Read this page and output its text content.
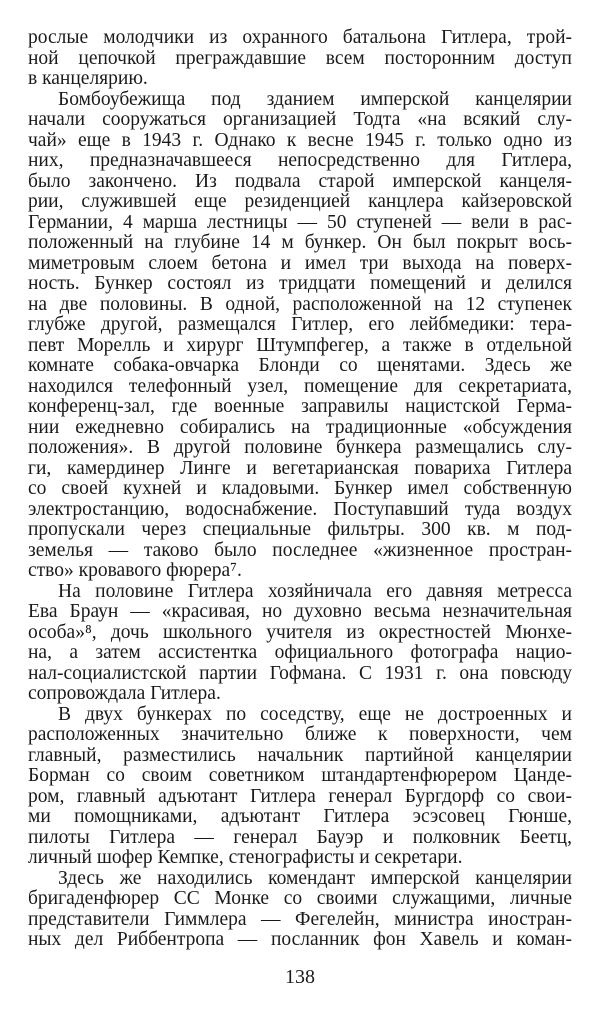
рослые молодчики из охранного батальона Гитлера, трой-
ной цепочкой преграждавшие всем посторонним доступ
в канцелярию.
Бомбоубежища под зданием имперской канцелярии
начали сооружаться организацией Тодта «на всякий слу-
чай» еще в 1943 г. Однако к весне 1945 г. только одно из
них, предназначавшееся непосредственно для Гитлера,
было закончено. Из подвала старой имперской канцеля-
рии, служившей еще резиденцией канцлера кайзеровской
Германии, 4 марша лестницы — 50 ступеней — вели в рас-
положенный на глубине 14 м бункер. Он был покрыт вось-
миметровым слоем бетона и имел три выхода на поверх-
ность. Бункер состоял из тридцати помещений и делился
на две половины. В одной, расположенной на 12 ступенек
глубже другой, размещался Гитлер, его лейбмедики: тера-
певт Морелль и хирург Штумпфегер, а также в отдельной
комнате собака-овчарка Блонди со щенятами. Здесь же
находился телефонный узел, помещение для секретариата,
конференц-зал, где военные заправилы нацистской Герма-
нии ежедневно собирались на традиционные «обсуждения
положения». В другой половине бункера размещались слу-
ги, камердинер Линге и вегетарианская повариха Гитлера
со своей кухней и кладовыми. Бункер имел собственную
электростанцию, водоснабжение. Поступавший туда воздух
пропускали через специальные фильтры. 300 кв. м под-
земелья — таково было последнее «жизненное простран-
ство» кровавого фюрера⁷.
На половине Гитлера хозяйничала его давняя метресса
Ева Браун — «красивая, но духовно весьма незначительная
особа»⁸, дочь школьного учителя из окрестностей Мюнхе-
на, а затем ассистентка официального фотографа нацио-
нал-социалистской партии Гофмана. С 1931 г. она повсюду
сопровождала Гитлера.
В двух бункерах по соседству, еще не достроенных и
расположенных значительно ближе к поверхности, чем
главный, разместились начальник партийной канцелярии
Борман со своим советником штандартенфюрером Цанде-
ром, главный адъютант Гитлера генерал Бургдорф со свои-
ми помощниками, адъютант Гитлера эсэсовец Гюнше,
пилоты Гитлера — генерал Бауэр и полковник Беетц,
личный шофер Кемпке, стенографисты и секретари.
Здесь же находились комендант имперской канцелярии
бригаденфюрер СС Монке со своими служащими, личные
представители Гиммлера — Фегелейн, министра иностран-
ных дел Риббентропа — посланник фон Хавель и коман-
138
